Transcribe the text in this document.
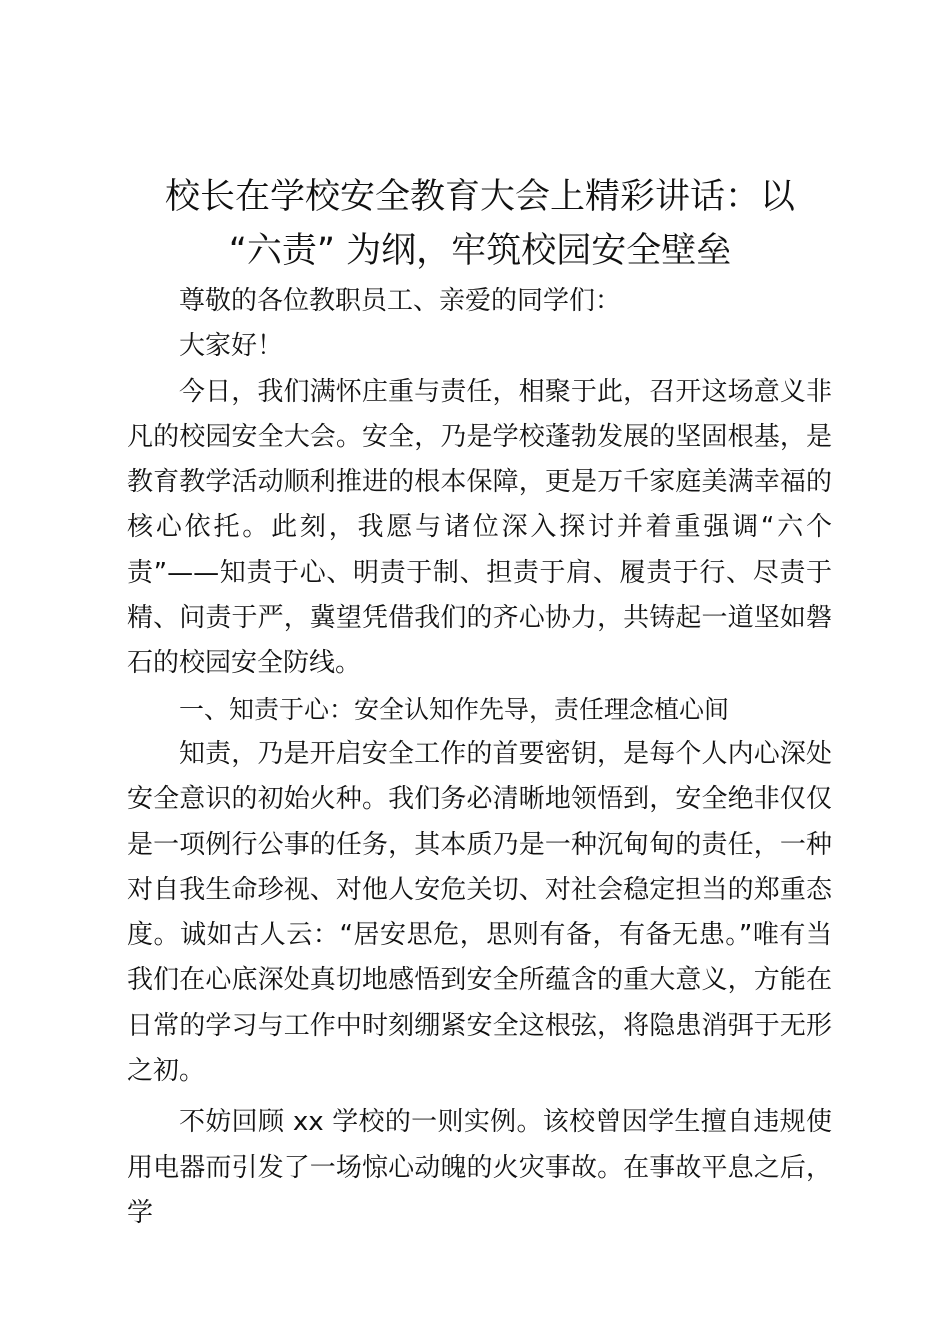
校长在学校安全教育大会上精彩讲话：以
“六责” 为纲，牢筑校园安全壁垒

尊敬的各位教职员工、亲爱的同学们：

大家好！

今日，我们满怀庄重与责任，相聚于此，召开这场意义非凡的校园安全大会。安全，乃是学校蓬勃发展的坚固根基，是教育教学活动顺利推进的根本保障，更是万千家庭美满幸福的核心依托。此刻，我愿与诸位深入探讨并着重强调“六个责”——知责于心、明责于制、担责于肩、履责于行、尽责于精、问责于严，冀望凭借我们的齐心协力，共铸起一道坚如磐石的校园安全防线。

一、知责于心：安全认知作先导，责任理念植心间

知责，乃是开启安全工作的首要密钥，是每个人内心深处安全意识的初始火种。我们务必清晰地领悟到，安全绝非仅仅是一项例行公事的任务，其本质乃是一种沉甸甸的责任，一种对自我生命珍视、对他人安危关切、对社会稳定担当的郑重态度。诚如古人云：“居安思危，思则有备，有备无患。”唯有当我们在心底深处真切地感悟到安全所蕴含的重大意义，方能在日常的学习与工作中时刻绷紧安全这根弦，将隐患消弭于无形之初。

不妨回顾 xx 学校的一则实例。该校曾因学生擅自违规使用电器而引发了一场惊心动魄的火灾事故。在事故平息之后，学
